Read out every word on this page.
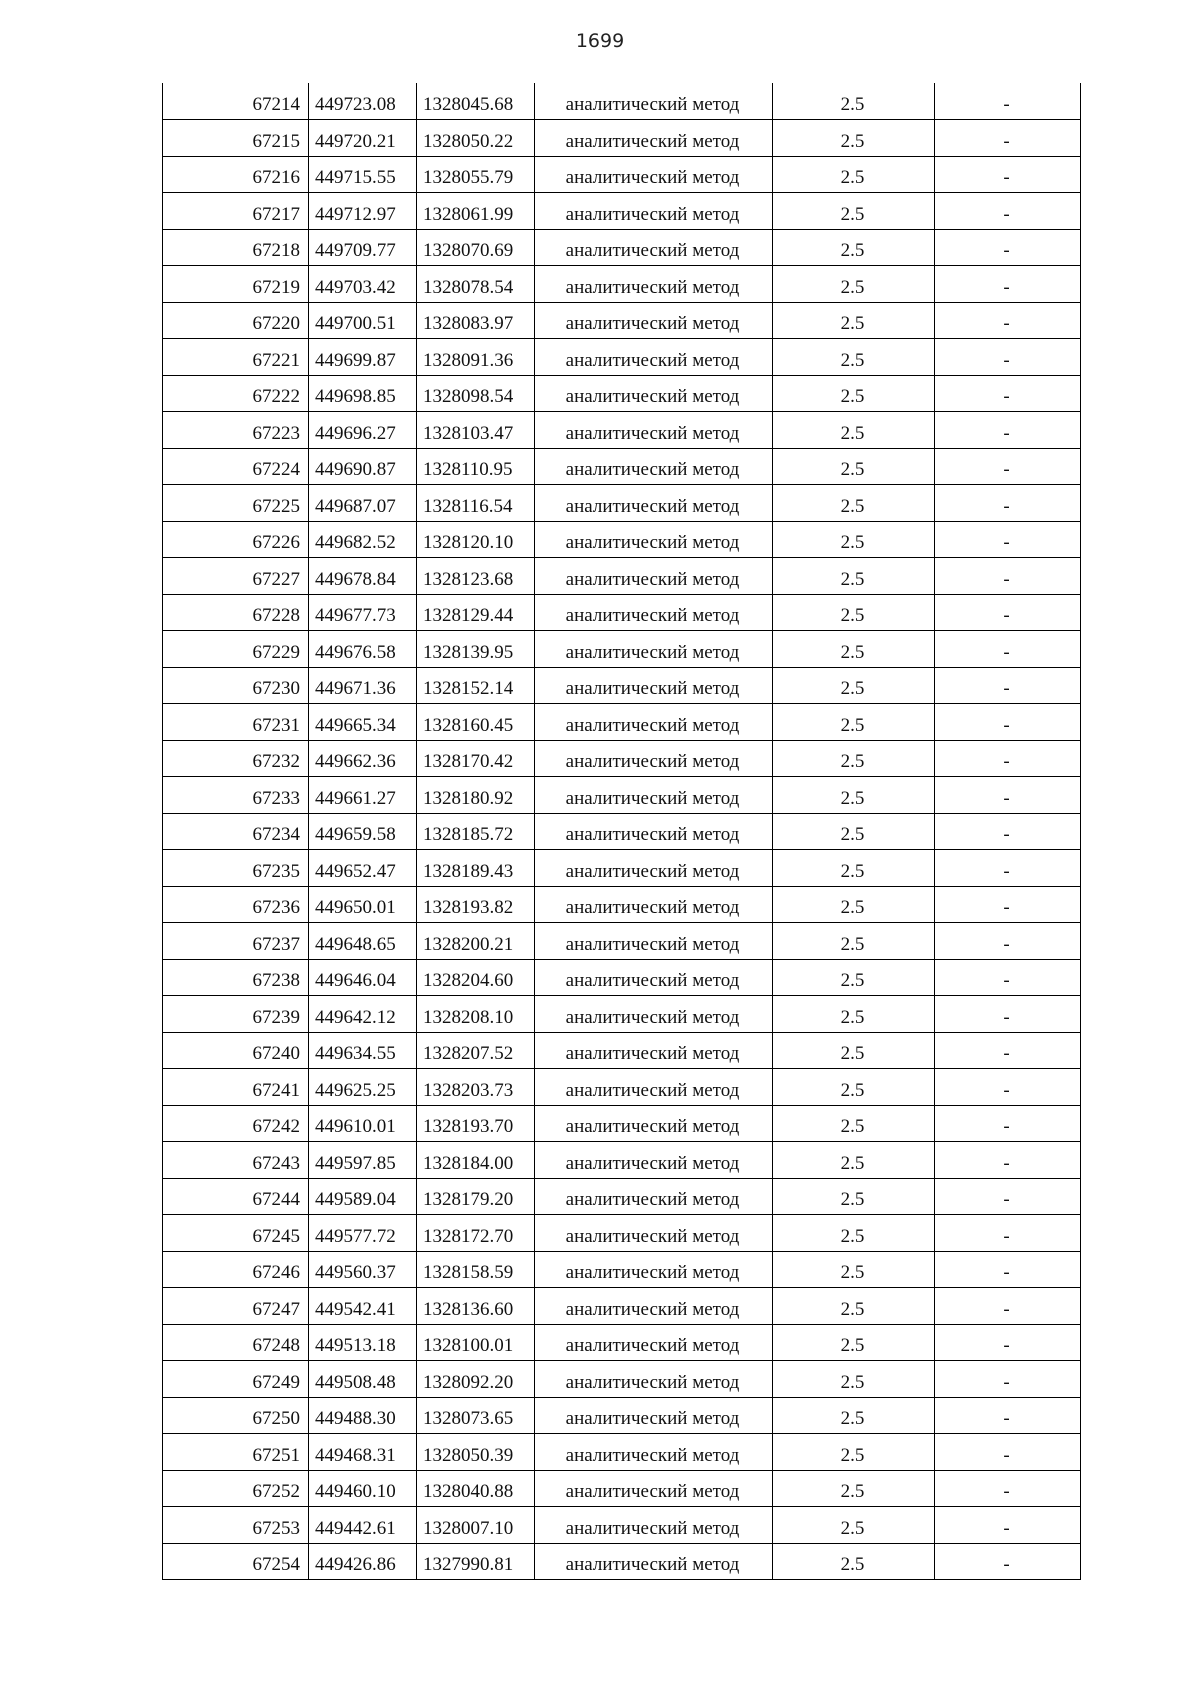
1699
67214	449723.08	1328045.68	аналитический метод	2.5	-
67215	449720.21	1328050.22	аналитический метод	2.5	-
67216	449715.55	1328055.79	аналитический метод	2.5	-
67217	449712.97	1328061.99	аналитический метод	2.5	-
67218	449709.77	1328070.69	аналитический метод	2.5	-
67219	449703.42	1328078.54	аналитический метод	2.5	-
67220	449700.51	1328083.97	аналитический метод	2.5	-
67221	449699.87	1328091.36	аналитический метод	2.5	-
67222	449698.85	1328098.54	аналитический метод	2.5	-
67223	449696.27	1328103.47	аналитический метод	2.5	-
67224	449690.87	1328110.95	аналитический метод	2.5	-
67225	449687.07	1328116.54	аналитический метод	2.5	-
67226	449682.52	1328120.10	аналитический метод	2.5	-
67227	449678.84	1328123.68	аналитический метод	2.5	-
67228	449677.73	1328129.44	аналитический метод	2.5	-
67229	449676.58	1328139.95	аналитический метод	2.5	-
67230	449671.36	1328152.14	аналитический метод	2.5	-
67231	449665.34	1328160.45	аналитический метод	2.5	-
67232	449662.36	1328170.42	аналитический метод	2.5	-
67233	449661.27	1328180.92	аналитический метод	2.5	-
67234	449659.58	1328185.72	аналитический метод	2.5	-
67235	449652.47	1328189.43	аналитический метод	2.5	-
67236	449650.01	1328193.82	аналитический метод	2.5	-
67237	449648.65	1328200.21	аналитический метод	2.5	-
67238	449646.04	1328204.60	аналитический метод	2.5	-
67239	449642.12	1328208.10	аналитический метод	2.5	-
67240	449634.55	1328207.52	аналитический метод	2.5	-
67241	449625.25	1328203.73	аналитический метод	2.5	-
67242	449610.01	1328193.70	аналитический метод	2.5	-
67243	449597.85	1328184.00	аналитический метод	2.5	-
67244	449589.04	1328179.20	аналитический метод	2.5	-
67245	449577.72	1328172.70	аналитический метод	2.5	-
67246	449560.37	1328158.59	аналитический метод	2.5	-
67247	449542.41	1328136.60	аналитический метод	2.5	-
67248	449513.18	1328100.01	аналитический метод	2.5	-
67249	449508.48	1328092.20	аналитический метод	2.5	-
67250	449488.30	1328073.65	аналитический метод	2.5	-
67251	449468.31	1328050.39	аналитический метод	2.5	-
67252	449460.10	1328040.88	аналитический метод	2.5	-
67253	449442.61	1328007.10	аналитический метод	2.5	-
67254	449426.86	1327990.81	аналитический метод	2.5	-
